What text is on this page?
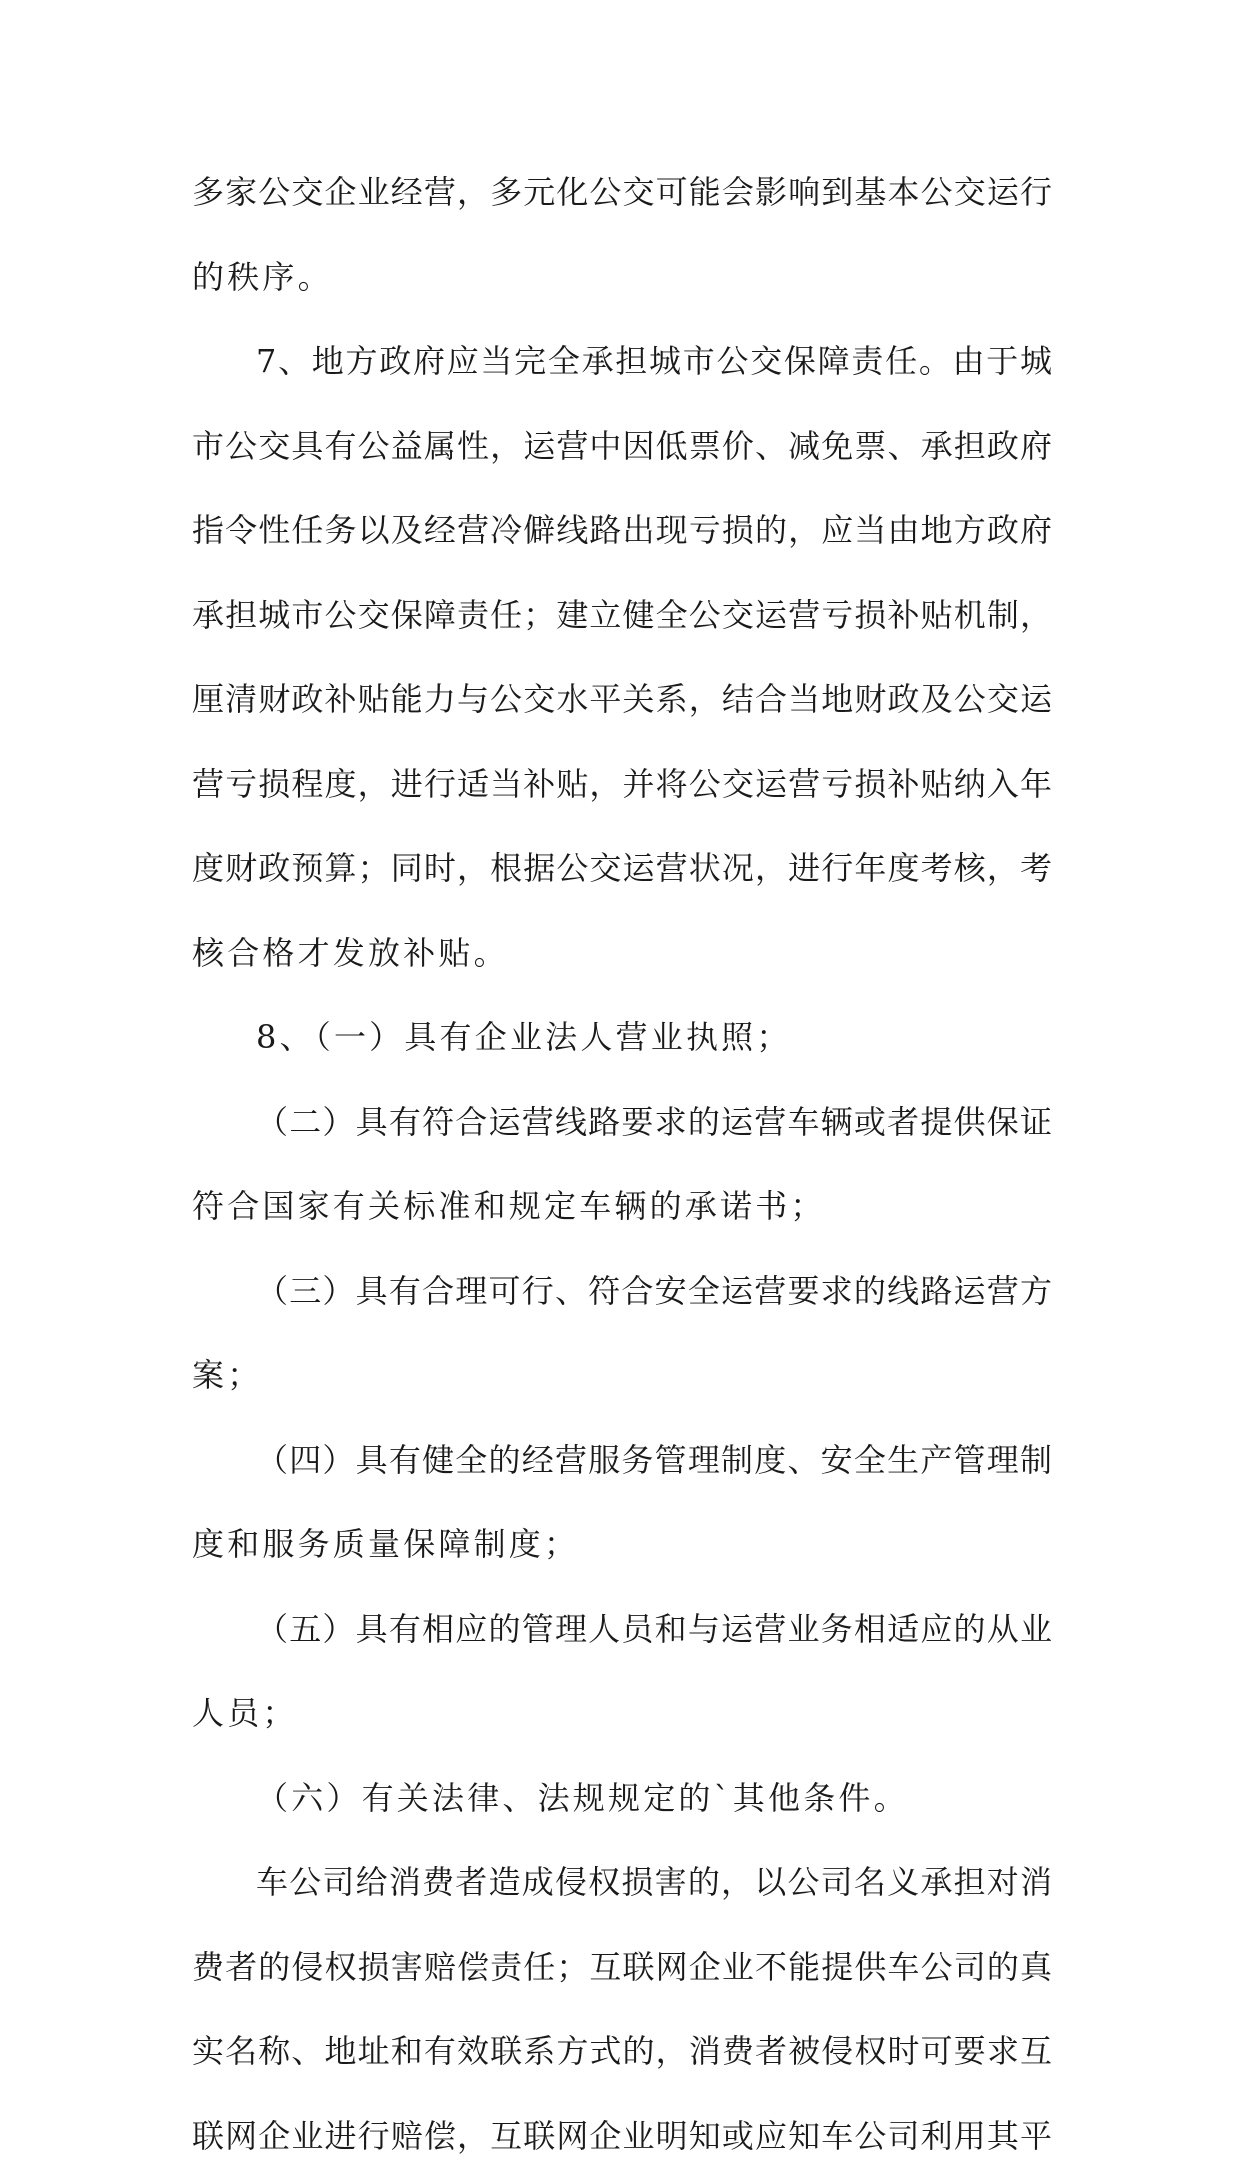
多家公交企业经营，多元化公交可能会影响到基本公交运行
的秩序。
7、地方政府应当完全承担城市公交保障责任。由于城
市公交具有公益属性，运营中因低票价、减免票、承担政府
指令性任务以及经营冷僻线路出现亏损的，应当由地方政府
承担城市公交保障责任；建立健全公交运营亏损补贴机制，
厘清财政补贴能力与公交水平关系，结合当地财政及公交运
营亏损程度，进行适当补贴，并将公交运营亏损补贴纳入年
度财政预算；同时，根据公交运营状况，进行年度考核，考
核合格才发放补贴。
8、（一）具有企业法人营业执照；
（二）具有符合运营线路要求的运营车辆或者提供保证
符合国家有关标准和规定车辆的承诺书；
（三）具有合理可行、符合安全运营要求的线路运营方
案；
（四）具有健全的经营服务管理制度、安全生产管理制
度和服务质量保障制度；
（五）具有相应的管理人员和与运营业务相适应的从业
人员；
（六）有关法律、法规规定的`其他条件。
车公司给消费者造成侵权损害的，以公司名义承担对消
费者的侵权损害赔偿责任；互联网企业不能提供车公司的真
实名称、地址和有效联系方式的，消费者被侵权时可要求互
联网企业进行赔偿，互联网企业明知或应知车公司利用其平
